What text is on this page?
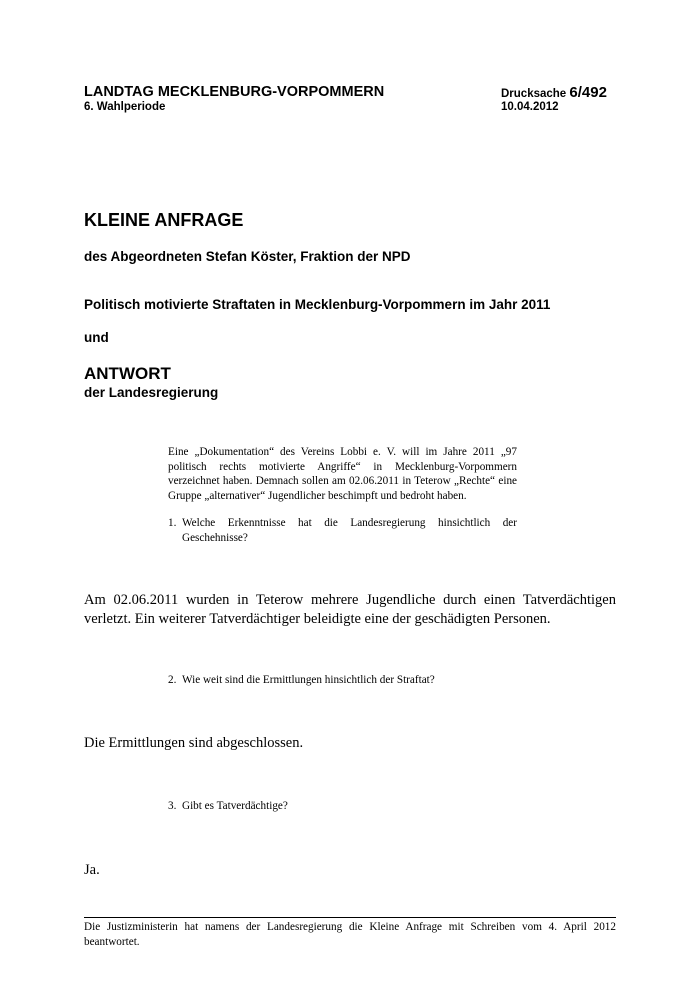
LANDTAG MECKLENBURG-VORPOMMERN
6. Wahlperiode
Drucksache 6/492
10.04.2012
KLEINE ANFRAGE
des Abgeordneten Stefan Köster, Fraktion der NPD
Politisch motivierte Straftaten in Mecklenburg-Vorpommern im Jahr 2011
und
ANTWORT
der Landesregierung
Eine „Dokumentation“ des Vereins Lobbi e. V. will im Jahre 2011 „97 politisch rechts motivierte Angriffe“ in Mecklenburg-Vorpommern verzeichnet haben. Demnach sollen am 02.06.2011 in Teterow „Rechte“ eine Gruppe „alternativer“ Jugendlicher beschimpft und bedroht haben.
1. Welche Erkenntnisse hat die Landesregierung hinsichtlich der Geschehnisse?
Am 02.06.2011 wurden in Teterow mehrere Jugendliche durch einen Tatverdächtigen verletzt. Ein weiterer Tatverdächtiger beleidigte eine der geschädigten Personen.
2. Wie weit sind die Ermittlungen hinsichtlich der Straftat?
Die Ermittlungen sind abgeschlossen.
3. Gibt es Tatverdächtige?
Ja.
Die Justizministerin hat namens der Landesregierung die Kleine Anfrage mit Schreiben vom 4. April 2012 beantwortet.
